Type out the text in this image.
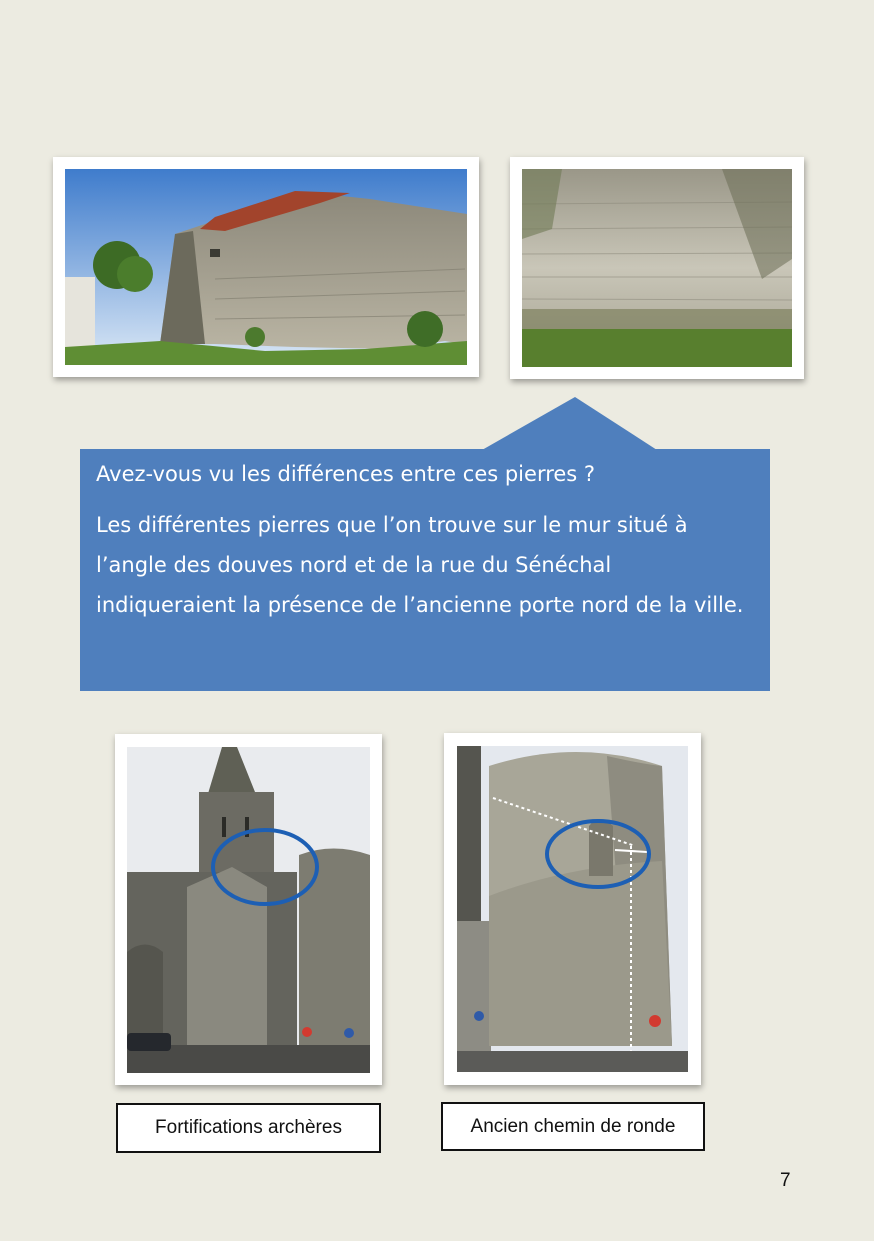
Avez-vous vu les différences entre ces pierres ?

Les différentes pierres que l’on trouve sur le mur situé à l’angle des douves nord et de la rue du Sénéchal indiqueraient la présence de l’ancienne porte nord de la ville.

Fortifications archères	Ancien chemin de ronde
7
